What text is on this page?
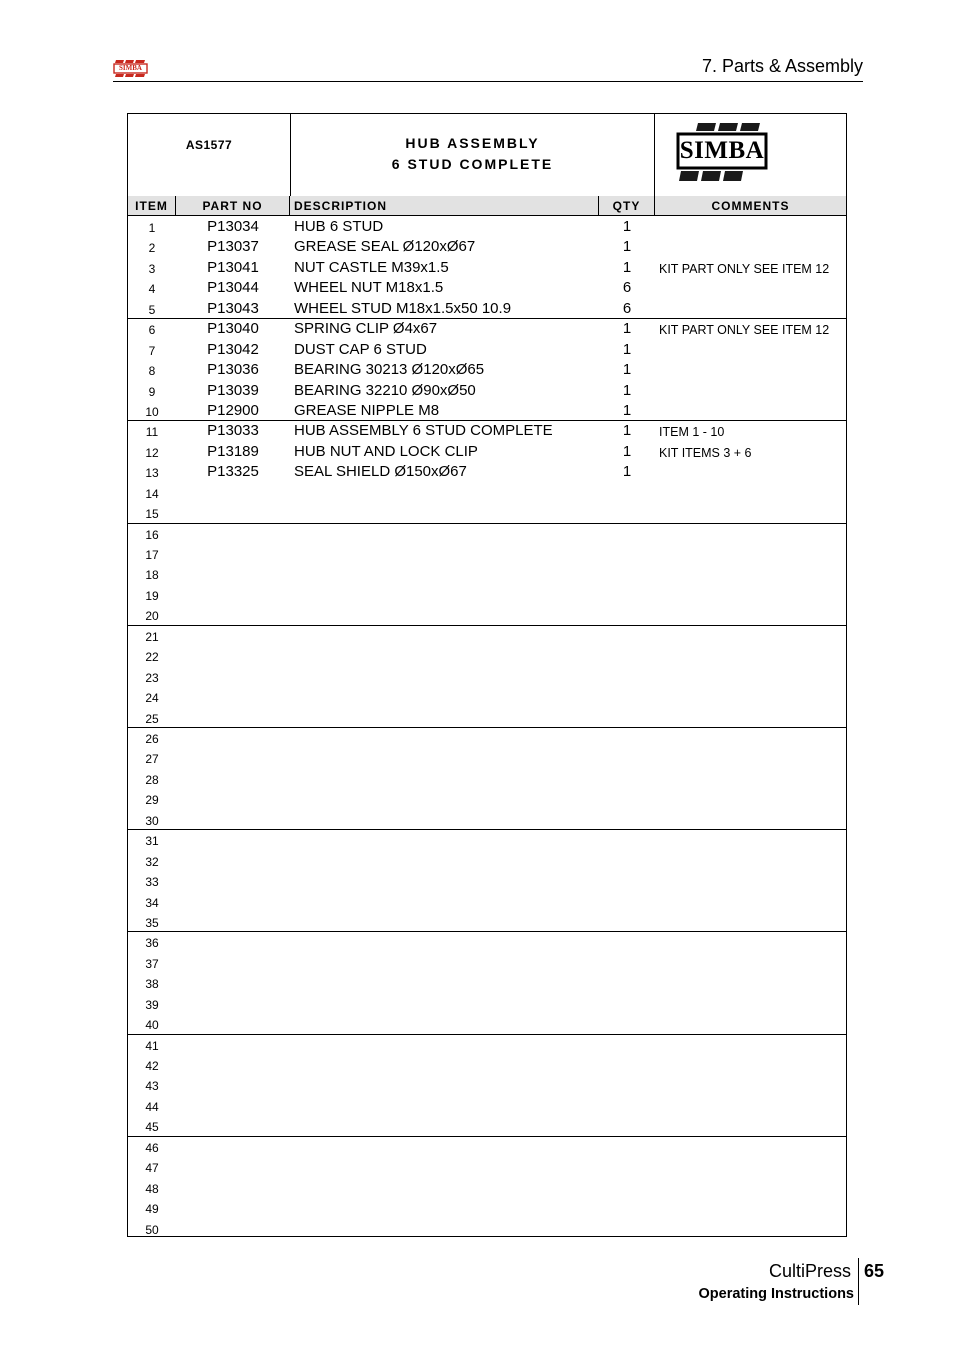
SIMBA	7. Parts & Assembly
AS1577	HUB ASSEMBLY
6 STUD COMPLETE	SIMBA
ITEM	PART NO	DESCRIPTION	QTY	COMMENTS
1	P13034	HUB 6 STUD	1
2	P13037	GREASE SEAL Ø120xØ67	1
3	P13041	NUT CASTLE M39x1.5	1	KIT PART ONLY SEE ITEM 12
4	P13044	WHEEL NUT M18x1.5	6
5	P13043	WHEEL STUD M18x1.5x50 10.9	6
6	P13040	SPRING CLIP Ø4x67	1	KIT PART ONLY SEE ITEM 12
7	P13042	DUST CAP 6 STUD	1
8	P13036	BEARING 30213 Ø120xØ65	1
9	P13039	BEARING 32210 Ø90xØ50	1
10	P12900	GREASE NIPPLE M8	1
11	P13033	HUB ASSEMBLY 6 STUD COMPLETE	1	ITEM 1 - 10
12	P13189	HUB NUT AND LOCK CLIP	1	KIT ITEMS 3 + 6
13	P13325	SEAL SHIELD Ø150xØ67	1
14
15
16
17
18
19
20
21
22
23
24
25
26
27
28
29
30
31
32
33
34
35
36
37
38
39
40
41
42
43
44
45
46
47
48
49
50
CultiPress 65
Operating Instructions
